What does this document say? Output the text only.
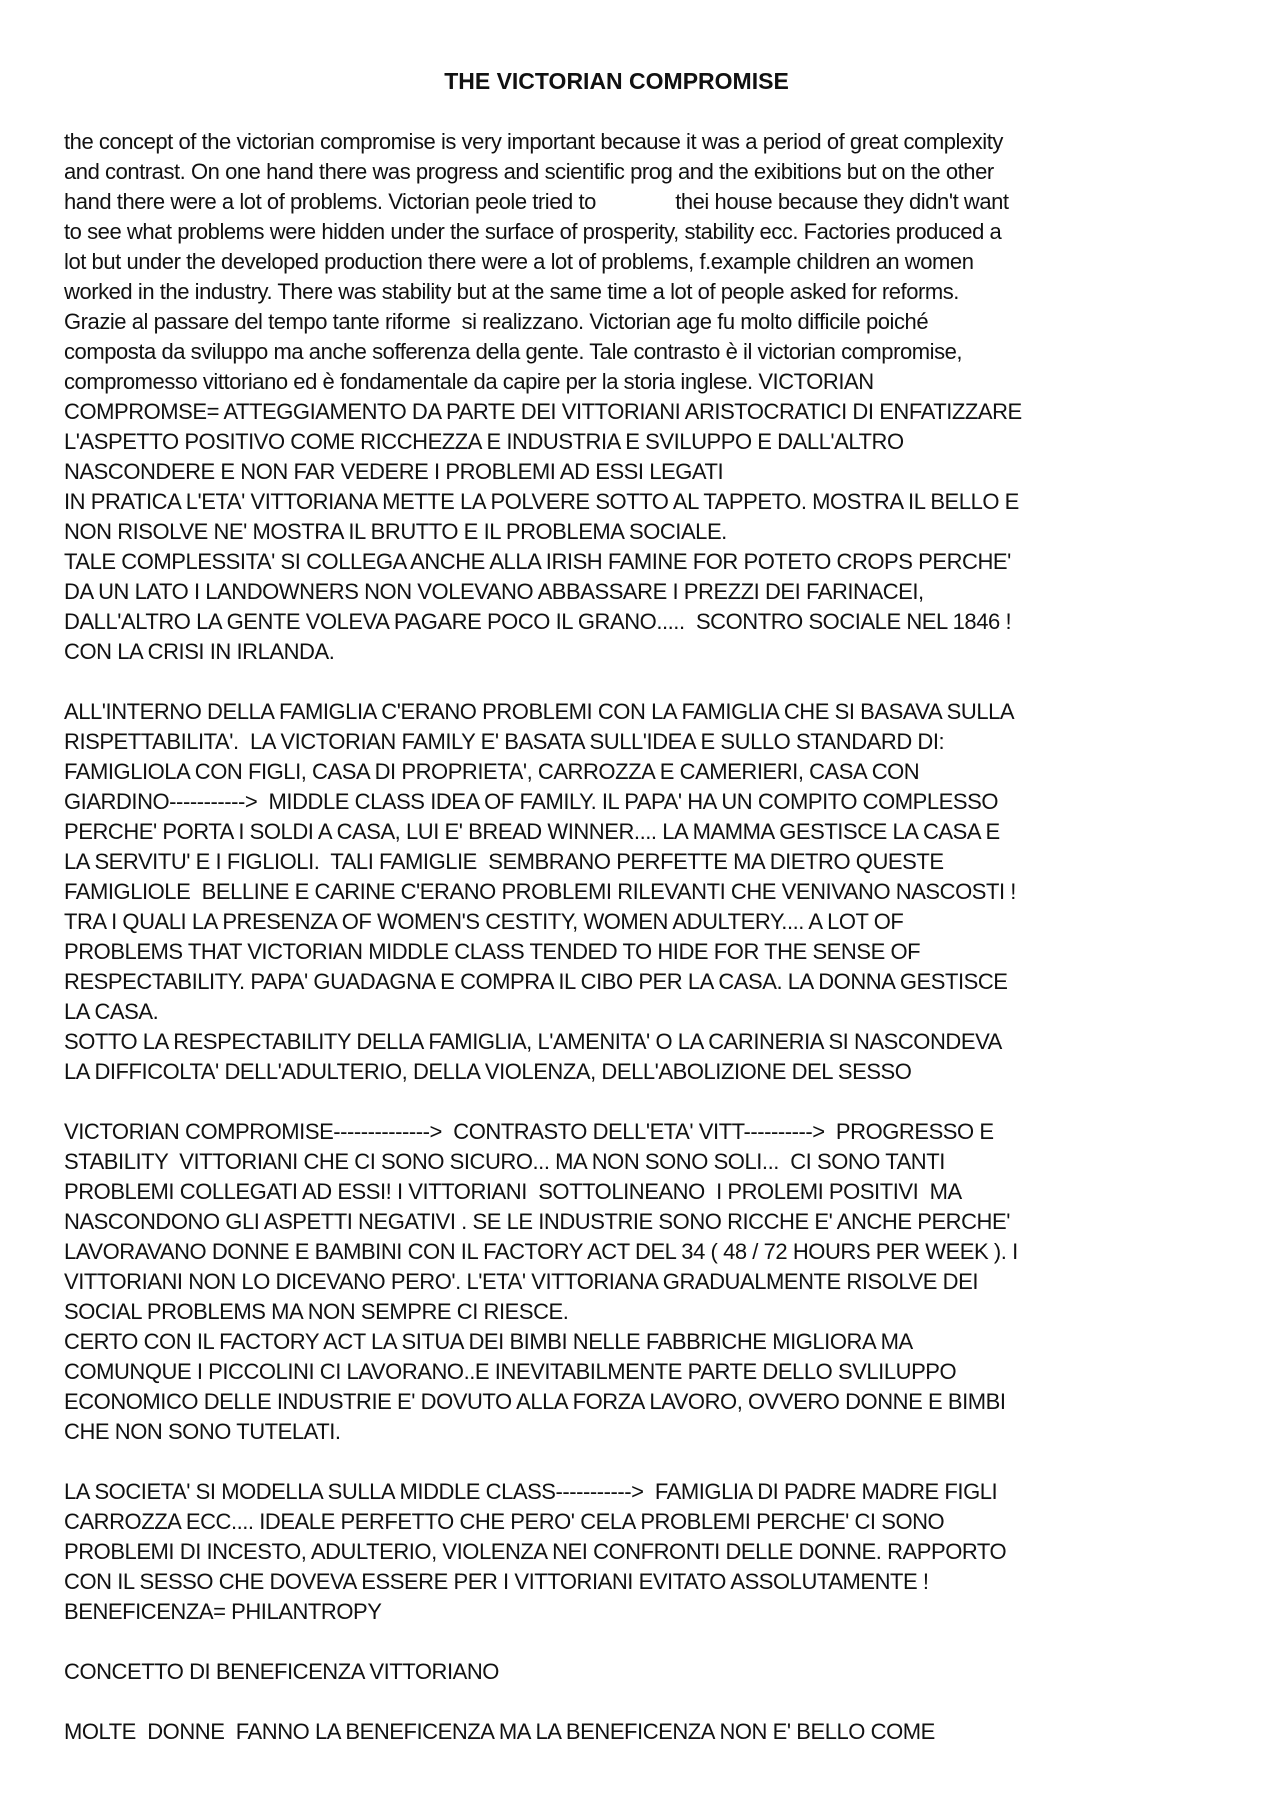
THE VICTORIAN COMPROMISE
the concept of the victorian compromise is very important because it was a period of great complexity
and contrast. On one hand there was progress and scientific prog and the exibitions but on the other
hand there were a lot of problems. Victorian peole tried to              thei house because they didn't want
to see what problems were hidden under the surface of prosperity, stability ecc. Factories produced a
lot but under the developed production there were a lot of problems, f.example children an women
worked in the industry. There was stability but at the same time a lot of people asked for reforms.
Grazie al passare del tempo tante riforme  si realizzano. Victorian age fu molto difficile poiché
composta da sviluppo ma anche sofferenza della gente. Tale contrasto è il victorian compromise,
compromesso vittoriano ed è fondamentale da capire per la storia inglese. VICTORIAN
COMPROMSE= ATTEGGIAMENTO DA PARTE DEI VITTORIANI ARISTOCRATICI DI ENFATIZZARE
L'ASPETTO POSITIVO COME RICCHEZZA E INDUSTRIA E SVILUPPO E DALL'ALTRO
NASCONDERE E NON FAR VEDERE I PROBLEMI AD ESSI LEGATI
IN PRATICA L'ETA' VITTORIANA METTE LA POLVERE SOTTO AL TAPPETO. MOSTRA IL BELLO E
NON RISOLVE NE' MOSTRA IL BRUTTO E IL PROBLEMA SOCIALE.
TALE COMPLESSITA' SI COLLEGA ANCHE ALLA IRISH FAMINE FOR POTETO CROPS PERCHE'
DA UN LATO I LANDOWNERS NON VOLEVANO ABBASSARE I PREZZI DEI FARINACEI,
DALL'ALTRO LA GENTE VOLEVA PAGARE POCO IL GRANO.....  SCONTRO SOCIALE NEL 1846 !
CON LA CRISI IN IRLANDA.
ALL'INTERNO DELLA FAMIGLIA C'ERANO PROBLEMI CON LA FAMIGLIA CHE SI BASAVA SULLA
RISPETTABILITA'.  LA VICTORIAN FAMILY E' BASATA SULL'IDEA E SULLO STANDARD DI:
FAMIGLIOLA CON FIGLI, CASA DI PROPRIETA', CARROZZA E CAMERIERI, CASA CON
GIARDINO----------->  MIDDLE CLASS IDEA OF FAMILY. IL PAPA' HA UN COMPITO COMPLESSO
PERCHE' PORTA I SOLDI A CASA, LUI E' BREAD WINNER.... LA MAMMA GESTISCE LA CASA E
LA SERVITU' E I FIGLIOLI.  TALI FAMIGLIE  SEMBRANO PERFETTE MA DIETRO QUESTE
FAMIGLIOLE  BELLINE E CARINE C'ERANO PROBLEMI RILEVANTI CHE VENIVANO NASCOSTI !
TRA I QUALI LA PRESENZA OF WOMEN'S CESTITY, WOMEN ADULTERY.... A LOT OF
PROBLEMS THAT VICTORIAN MIDDLE CLASS TENDED TO HIDE FOR THE SENSE OF
RESPECTABILITY. PAPA' GUADAGNA E COMPRA IL CIBO PER LA CASA. LA DONNA GESTISCE
LA CASA.
SOTTO LA RESPECTABILITY DELLA FAMIGLIA, L'AMENITA' O LA CARINERIA SI NASCONDEVA
LA DIFFICOLTA' DELL'ADULTERIO, DELLA VIOLENZA, DELL'ABOLIZIONE DEL SESSO
VICTORIAN COMPROMISE-------------->  CONTRASTO DELL'ETA' VITT---------->  PROGRESSO E
STABILITY  VITTORIANI CHE CI SONO SICURO... MA NON SONO SOLI...  CI SONO TANTI
PROBLEMI COLLEGATI AD ESSI! I VITTORIANI  SOTTOLINEANO  I PROLEMI POSITIVI  MA
NASCONDONO GLI ASPETTI NEGATIVI . SE LE INDUSTRIE SONO RICCHE E' ANCHE PERCHE'
LAVORAVANO DONNE E BAMBINI CON IL FACTORY ACT DEL 34 ( 48 / 72 HOURS PER WEEK ). I
VITTORIANI NON LO DICEVANO PERO'. L'ETA' VITTORIANA GRADUALMENTE RISOLVE DEI
SOCIAL PROBLEMS MA NON SEMPRE CI RIESCE.
CERTO CON IL FACTORY ACT LA SITUA DEI BIMBI NELLE FABBRICHE MIGLIORA MA
COMUNQUE I PICCOLINI CI LAVORANO..E INEVITABILMENTE PARTE DELLO SVLILUPPO
ECONOMICO DELLE INDUSTRIE E' DOVUTO ALLA FORZA LAVORO, OVVERO DONNE E BIMBI
CHE NON SONO TUTELATI.
LA SOCIETA' SI MODELLA SULLA MIDDLE CLASS----------->  FAMIGLIA DI PADRE MADRE FIGLI
CARROZZA ECC.... IDEALE PERFETTO CHE PERO' CELA PROBLEMI PERCHE' CI SONO
PROBLEMI DI INCESTO, ADULTERIO, VIOLENZA NEI CONFRONTI DELLE DONNE. RAPPORTO
CON IL SESSO CHE DOVEVA ESSERE PER I VITTORIANI EVITATO ASSOLUTAMENTE !
BENEFICENZA= PHILANTROPY
CONCETTO DI BENEFICENZA VITTORIANO
MOLTE  DONNE  FANNO LA BENEFICENZA MA LA BENEFICENZA NON E' BELLO COME
